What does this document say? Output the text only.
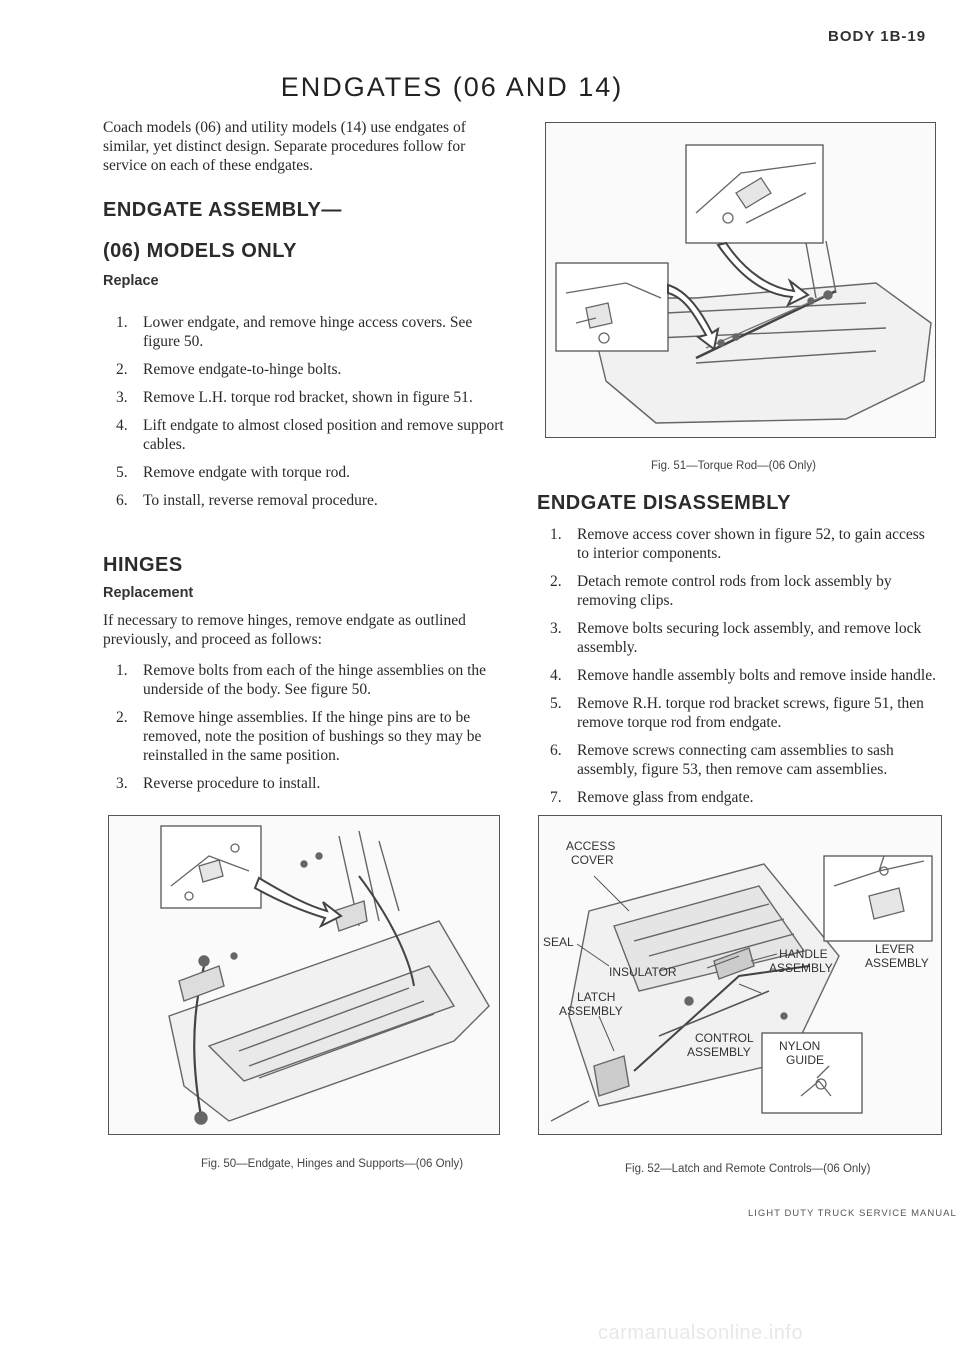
BODY 1B-19
ENDGATES (06 AND 14)

Coach models (06) and utility models (14) use endgates of similar, yet distinct design. Separate procedures follow for service on each of these endgates.

ENDGATE ASSEMBLY—
(06) MODELS ONLY
Replace
1. Lower endgate, and remove hinge access covers. See figure 50.
2. Remove endgate-to-hinge bolts.
3. Remove L.H. torque rod bracket, shown in figure 51.
4. Lift endgate to almost closed position and remove support cables.
5. Remove endgate with torque rod.
6. To install, reverse removal procedure.
HINGES
Replacement

If necessary to remove hinges, remove endgate as outlined previously, and proceed as follows:

1. Remove bolts from each of the hinge assemblies on the underside of the body. See figure 50.
2. Remove hinge assemblies. If the hinge pins are to be removed, note the position of bushings so they may be reinstalled in the same position.
3. Reverse procedure to install.
Fig. 51—Torque Rod—(06 Only)
ENDGATE DISASSEMBLY
1. Remove access cover shown in figure 52, to gain access to interior components.
2. Detach remote control rods from lock assembly by removing clips.
3. Remove bolts securing lock assembly, and remove lock assembly.
4. Remove handle assembly bolts and remove inside handle.
5. Remove R.H. torque rod bracket screws, figure 51, then remove torque rod from endgate.
6. Remove screws connecting cam assemblies to sash assembly, figure 53, then remove cam assemblies.
7. Remove glass from endgate.
Fig. 50—Endgate, Hinges and Supports—(06 Only)
ACCESS
COVER
SEAL
INSULATOR
HANDLE
ASSEMBLY
LEVER
ASSEMBLY
LATCH
ASSEMBLY
CONTROL
ASSEMBLY NYLON
GUIDE
Fig. 52—Latch and Remote Controls—(06 Only)
LIGHT DUTY TRUCK SERVICE MANUAL
carmanualsonline.info
